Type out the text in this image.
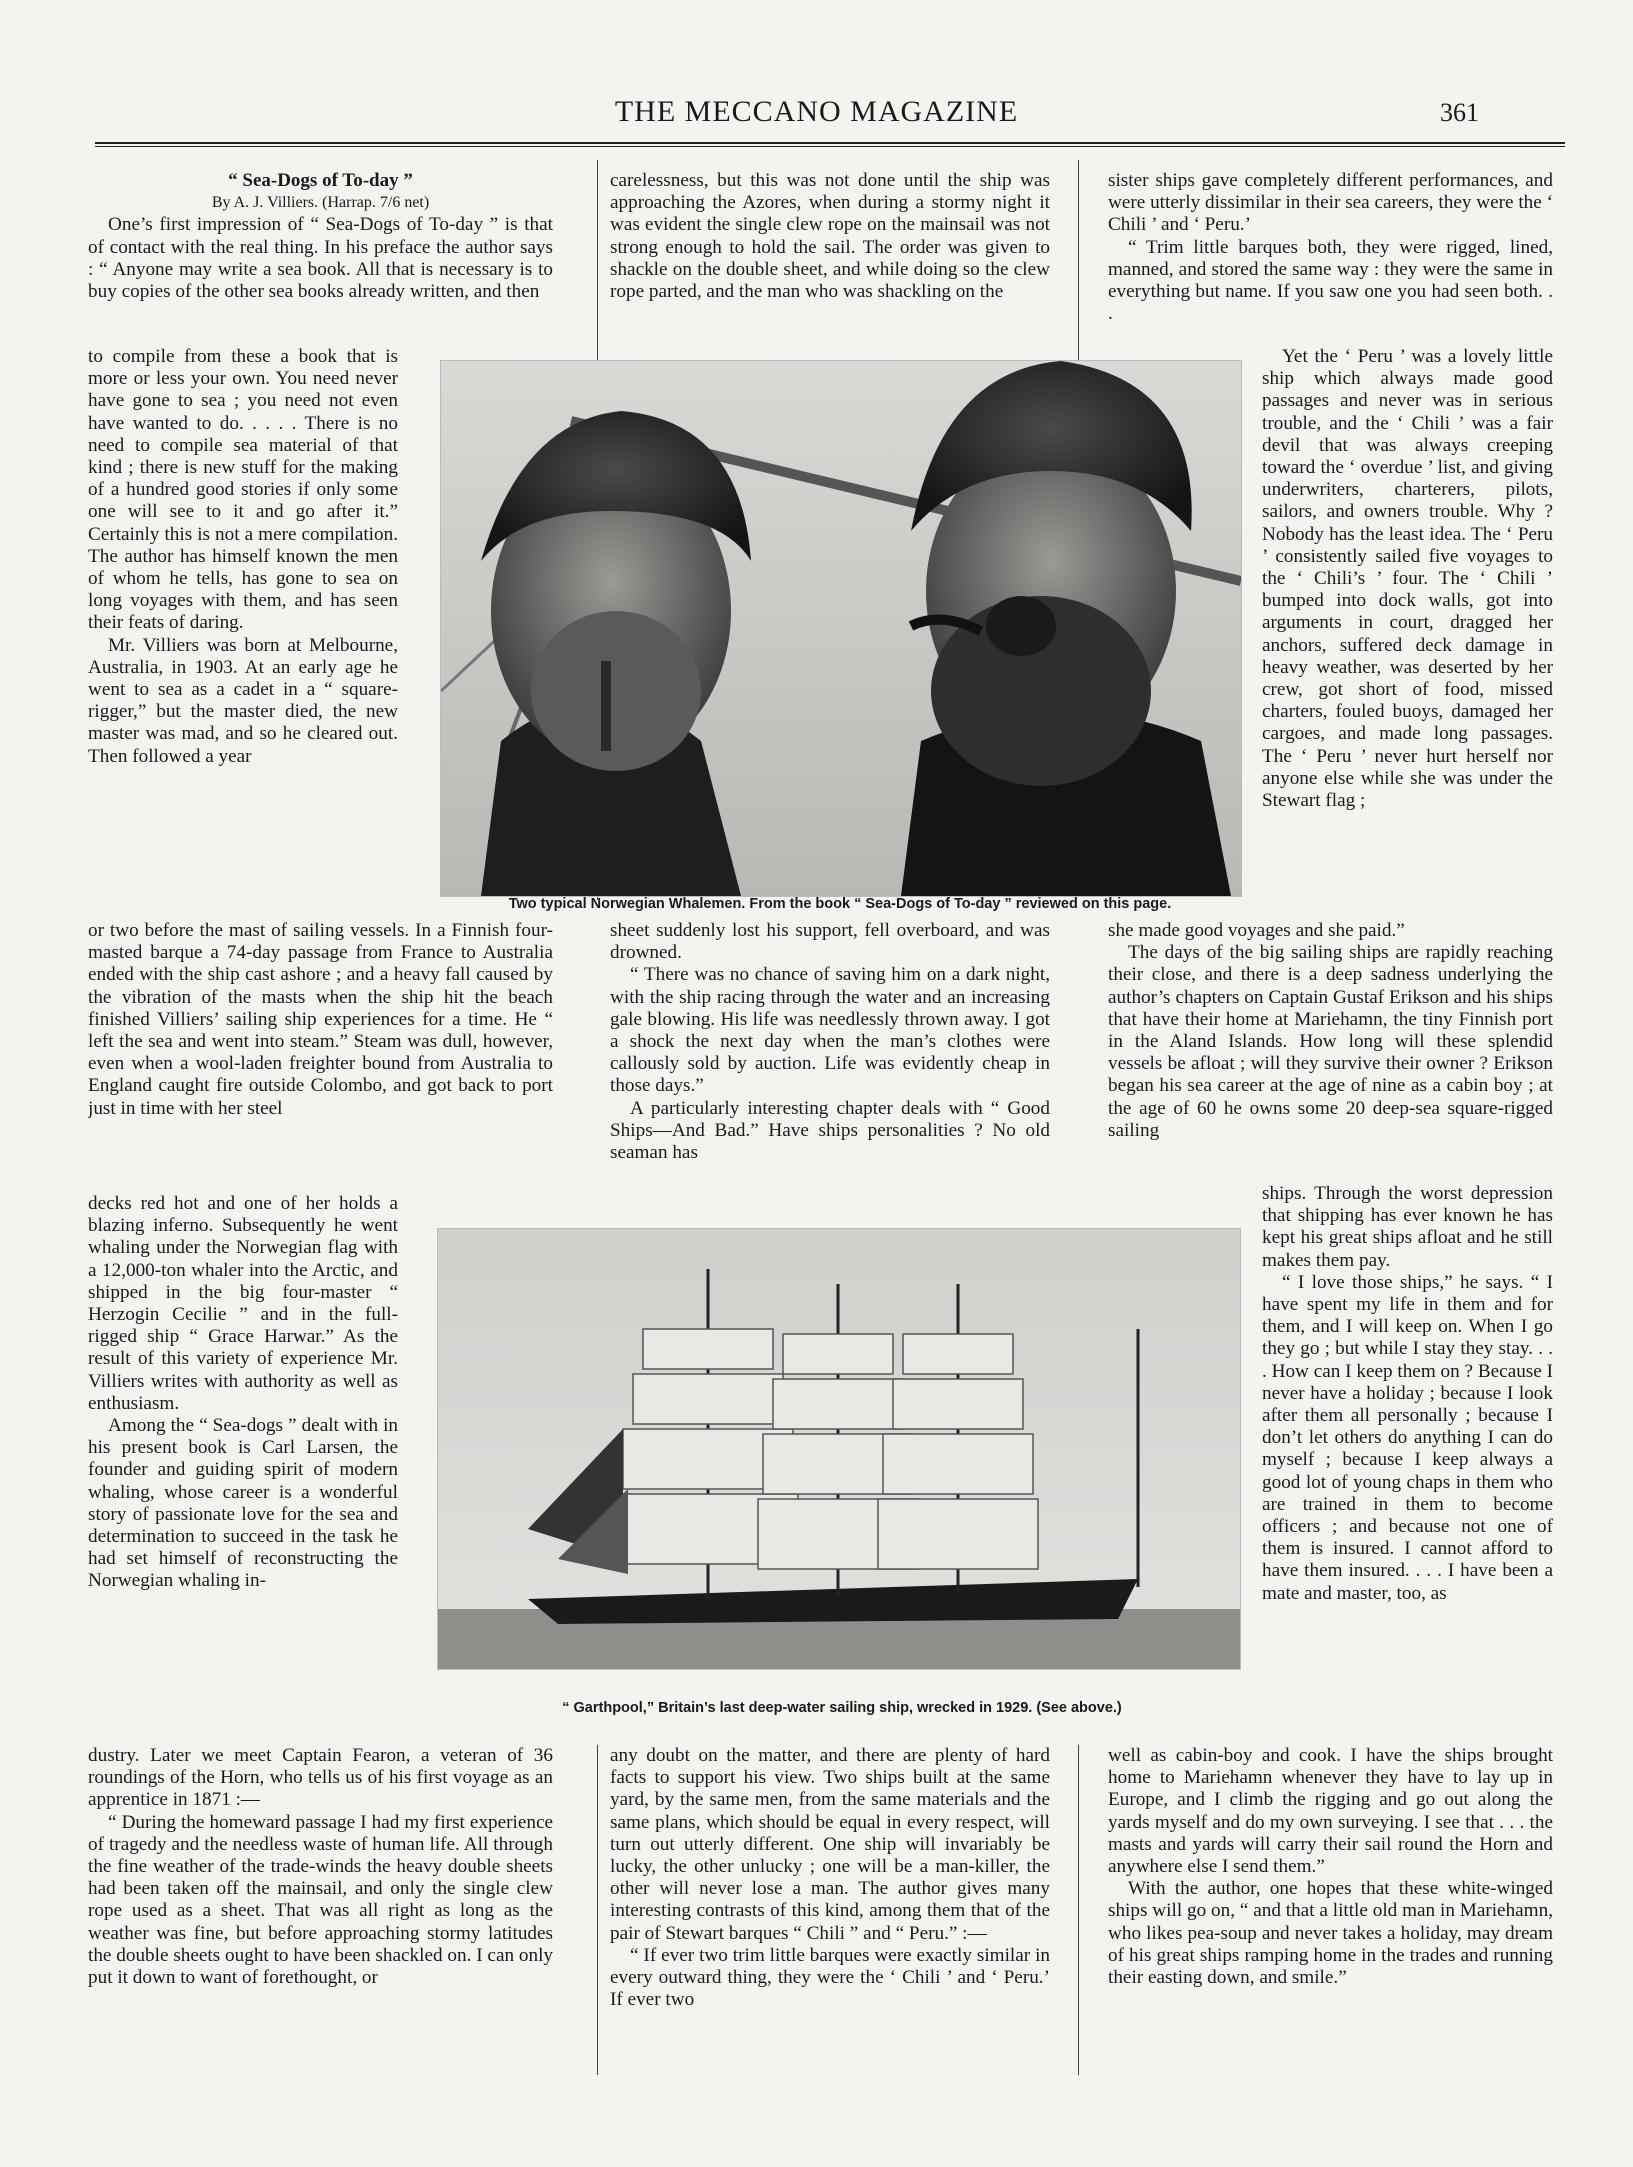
THE MECCANO MAGAZINE	361

“ Sea-Dogs of To-day ”

By A. J. Villiers. (Harrap. 7/6 net)

One’s first impression of “ Sea-Dogs of To-day ” is that of contact with the real thing. In his preface the author says : “ Anyone may write a sea book. All that is necessary is to buy copies of the other sea books already written, and then

to compile from these a book that is more or less your own. You need never have gone to sea ; you need not even have wanted to do. . . . . There is no need to compile sea material of that kind ; there is new stuff for the making of a hundred good stories if only some one will see to it and go after it.” Certainly this is not a mere compilation. The author has himself known the men of whom he tells, has gone to sea on long voyages with them, and has seen their feats of daring.

Mr. Villiers was born at Melbourne, Australia, in 1903. At an early age he went to sea as a cadet in a “ square-rigger,” but the master died, the new master was mad, and so he cleared out. Then followed a year

or two before the mast of sailing vessels. In a Finnish four-masted barque a 74-day passage from France to Australia ended with the ship cast ashore ; and a heavy fall caused by the vibration of the masts when the ship hit the beach finished Villiers’ sailing ship experiences for a time. He “ left the sea and went into steam.” Steam was dull, however, even when a wool-laden freighter bound from Australia to England caught fire outside Colombo, and got back to port just in time with her steel

decks red hot and one of her holds a blazing inferno. Subsequently he went whaling under the Norwegian flag with a 12,000-ton whaler into the Arctic, and shipped in the big four-master “ Herzogin Cecilie ” and in the full-rigged ship “ Grace Harwar.” As the result of this variety of experience Mr. Villiers writes with authority as well as enthusiasm.

Among the “ Sea-dogs ” dealt with in his present book is Carl Larsen, the founder and guiding spirit of modern whaling, whose career is a wonderful story of passionate love for the sea and determination to succeed in the task he had set himself of reconstructing the Norwegian whaling in-

dustry. Later we meet Captain Fearon, a veteran of 36 roundings of the Horn, who tells us of his first voyage as an apprentice in 1871 :—

“ During the homeward passage I had my first experience of tragedy and the needless waste of human life. All through the fine weather of the trade-winds the heavy double sheets had been taken off the mainsail, and only the single clew rope used as a sheet. That was all right as long as the weather was fine, but before approaching stormy latitudes the double sheets ought to have been shackled on. I can only put it down to want of forethought, or

carelessness, but this was not done until the ship was approaching the Azores, when during a stormy night it was evident the single clew rope on the mainsail was not strong enough to hold the sail. The order was given to shackle on the double sheet, and while doing so the clew rope parted, and the man who was shackling on the

sheet suddenly lost his support, fell overboard, and was drowned.

“ There was no chance of saving him on a dark night, with the ship racing through the water and an increasing gale blowing. His life was needlessly thrown away. I got a shock the next day when the man’s clothes were callously sold by auction. Life was evidently cheap in those days.”

A particularly interesting chapter deals with “ Good Ships—And Bad.” Have ships personalities ? No old seaman has

any doubt on the matter, and there are plenty of hard facts to support his view. Two ships built at the same yard, by the same men, from the same materials and the same plans, which should be equal in every respect, will turn out utterly different. One ship will invariably be lucky, the other unlucky ; one will be a man-killer, the other will never lose a man. The author gives many interesting contrasts of this kind, among them that of the pair of Stewart barques “ Chili ” and “ Peru.” :—

“ If ever two trim little barques were exactly similar in every outward thing, they were the ‘ Chili ’ and ‘ Peru.’ If ever two

sister ships gave completely different performances, and were utterly dissimilar in their sea careers, they were the ‘ Chili ’ and ‘ Peru.’

“ Trim little barques both, they were rigged, lined, manned, and stored the same way : they were the same in everything but name. If you saw one you had seen both. . .

Yet the ‘ Peru ’ was a lovely little ship which always made good passages and never was in serious trouble, and the ‘ Chili ’ was a fair devil that was always creeping toward the ‘ overdue ’ list, and giving underwriters, charterers, pilots, sailors, and owners trouble. Why ? Nobody has the least idea. The ‘ Peru ’ consistently sailed five voyages to the ‘ Chili’s ’ four. The ‘ Chili ’ bumped into dock walls, got into arguments in court, dragged her anchors, suffered deck damage in heavy weather, was deserted by her crew, got short of food, missed charters, fouled buoys, damaged her cargoes, and made long passages. The ‘ Peru ’ never hurt herself nor anyone else while she was under the Stewart flag ;

she made good voyages and she paid.”

The days of the big sailing ships are rapidly reaching their close, and there is a deep sadness underlying the author’s chapters on Captain Gustaf Erikson and his ships that have their home at Mariehamn, the tiny Finnish port in the Aland Islands. How long will these splendid vessels be afloat ; will they survive their owner ? Erikson began his sea career at the age of nine as a cabin boy ; at the age of 60 he owns some 20 deep-sea square-rigged sailing

ships. Through the worst depression that shipping has ever known he has kept his great ships afloat and he still makes them pay.

“ I love those ships,” he says. “ I have spent my life in them and for them, and I will keep on. When I go they go ; but while I stay they stay. . . . How can I keep them on ? Because I never have a holiday ; because I look after them all personally ; because I don’t let others do anything I can do myself ; because I keep always a good lot of young chaps in them who are trained in them to become officers ; and because not one of them is insured. I cannot afford to have them insured. . . . I have been a mate and master, too, as

well as cabin-boy and cook. I have the ships brought home to Mariehamn whenever they have to lay up in Europe, and I climb the rigging and go out along the yards myself and do my own surveying. I see that . . . the masts and yards will carry their sail round the Horn and anywhere else I send them.”

With the author, one hopes that these white-winged ships will go on, “ and that a little old man in Mariehamn, who likes pea-soup and never takes a holiday, may dream of his great ships ramping home in the trades and running their easting down, and smile.”

Two typical Norwegian Whalemen. From the book “ Sea-Dogs of To-day ” reviewed on this page.
“ Garthpool,” Britain’s last deep-water sailing ship, wrecked in 1929. (See above.)
